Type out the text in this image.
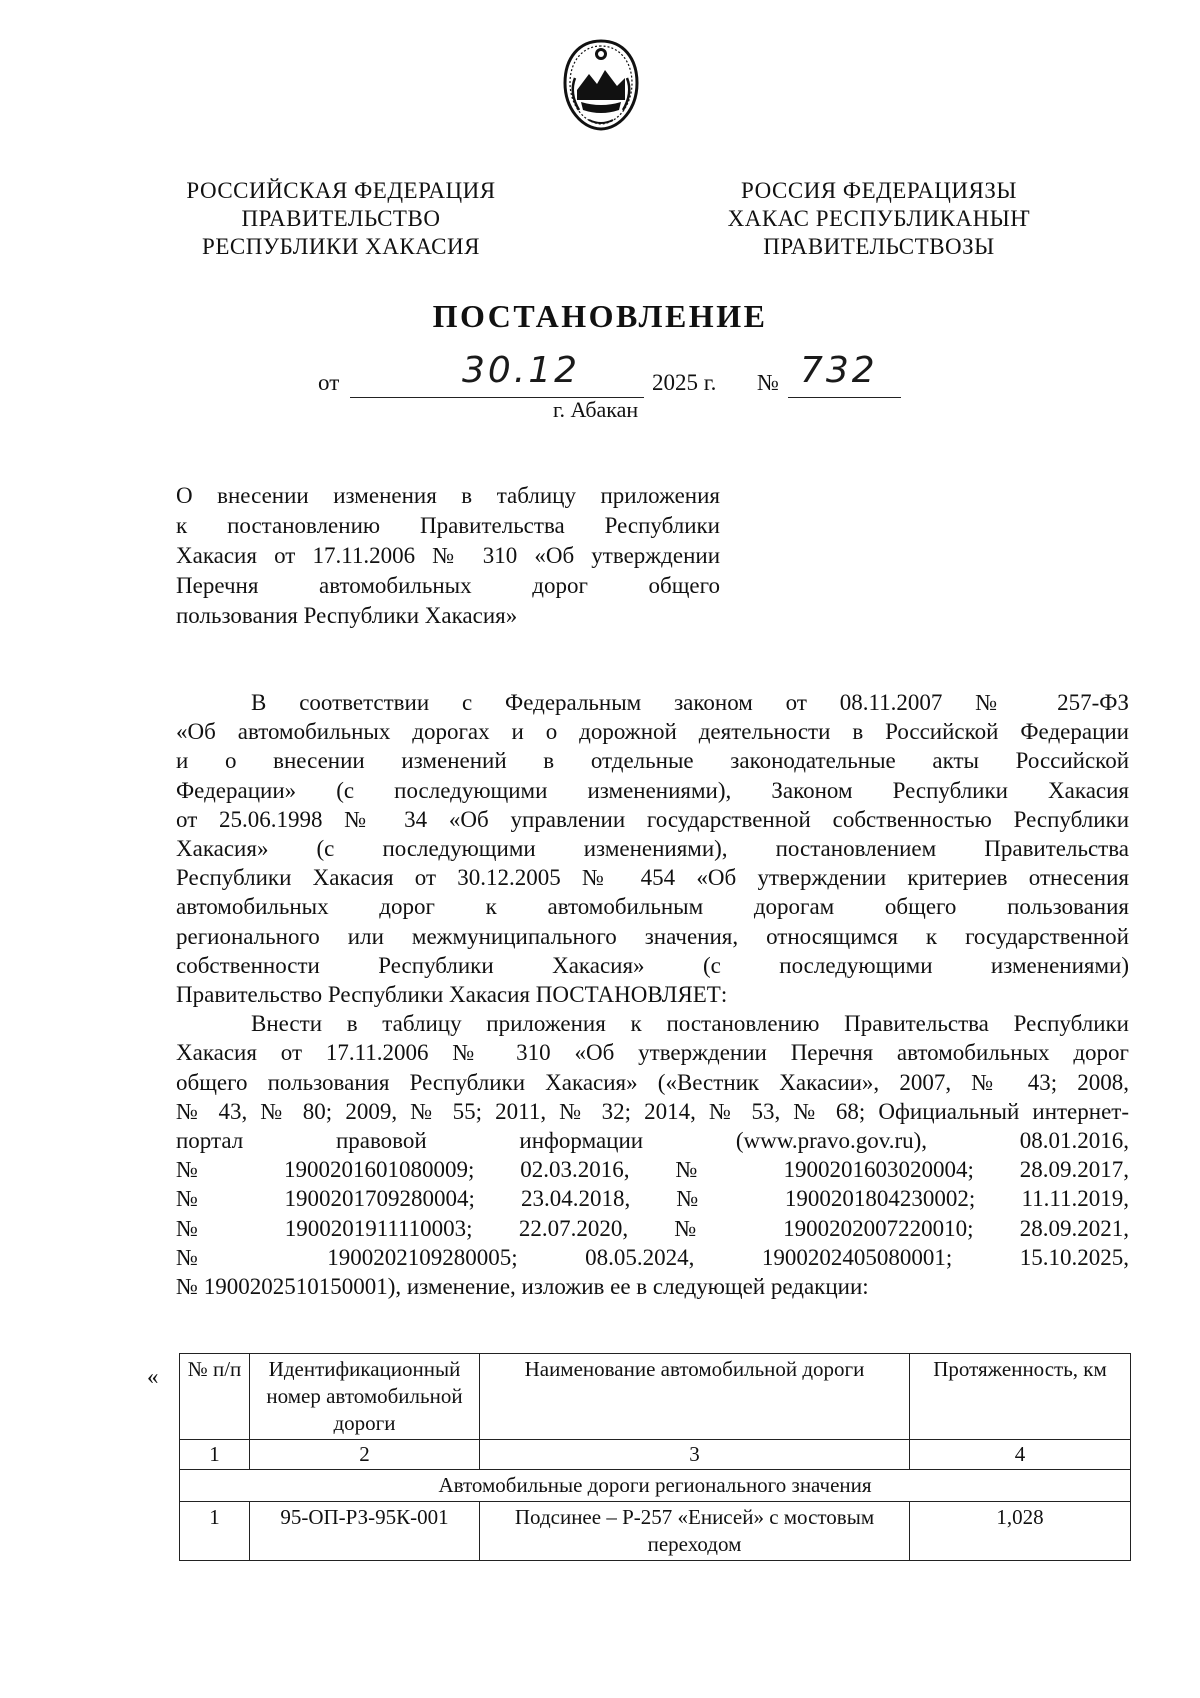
РОССИЙСКАЯ ФЕДЕРАЦИЯ
ПРАВИТЕЛЬСТВО
РЕСПУБЛИКИ ХАКАСИЯ
РОССИЯ ФЕДЕРАЦИЯЗЫ
ХАКАС РЕСПУБЛИКАНЫҤ
ПРАВИТЕЛЬСТВОЗЫ
ПОСТАНОВЛЕНИЕ
от	30.12	2025 г. № 732
г. Абакан
О внесении изменения в таблицу приложения
к постановлению Правительства Республики
Хакасия от 17.11.2006 № 310 «Об утверждении
Перечня автомобильных дорог общего
пользования Республики Хакасия»
В соответствии с Федеральным законом от 08.11.2007 № 257-ФЗ
«Об автомобильных дорогах и о дорожной деятельности в Российской Федерации
и о внесении изменений в отдельные законодательные акты Российской
Федерации» (с последующими изменениями), Законом Республики Хакасия
от 25.06.1998 № 34 «Об управлении государственной собственностью Республики
Хакасия» (с последующими изменениями), постановлением Правительства
Республики Хакасия от 30.12.2005 № 454 «Об утверждении критериев отнесения
автомобильных дорог к автомобильным дорогам общего пользования
регионального или межмуниципального значения, относящимся к государственной
собственности Республики Хакасия» (с последующими изменениями)
Правительство Республики Хакасия ПОСТАНОВЛЯЕТ:
Внести в таблицу приложения к постановлению Правительства Республики
Хакасия от 17.11.2006 № 310 «Об утверждении Перечня автомобильных дорог
общего пользования Республики Хакасия» («Вестник Хакасии», 2007, № 43; 2008,
№ 43, № 80; 2009, № 55; 2011, № 32; 2014, № 53, № 68; Официальный интернет-
портал правовой информации (www.pravo.gov.ru), 08.01.2016,
№ 1900201601080009; 02.03.2016, № 1900201603020004; 28.09.2017,
№ 1900201709280004; 23.04.2018, № 1900201804230002; 11.11.2019,
№ 1900201911110003; 22.07.2020, № 1900202007220010; 28.09.2021,
№ 1900202109280005; 08.05.2024, 1900202405080001; 15.10.2025,
№ 1900202510150001), изменение, изложив ее в следующей редакции:
« № п/п	Идентификационный номер автомобильной дороги	Наименование автомобильной дороги	Протяженность, км
1	2	3	4
Автомобильные дороги регионального значения			
1	95-ОП-РЗ-95К-001	Подсинее – Р-257 «Енисей» с мостовым переходом	1,028
